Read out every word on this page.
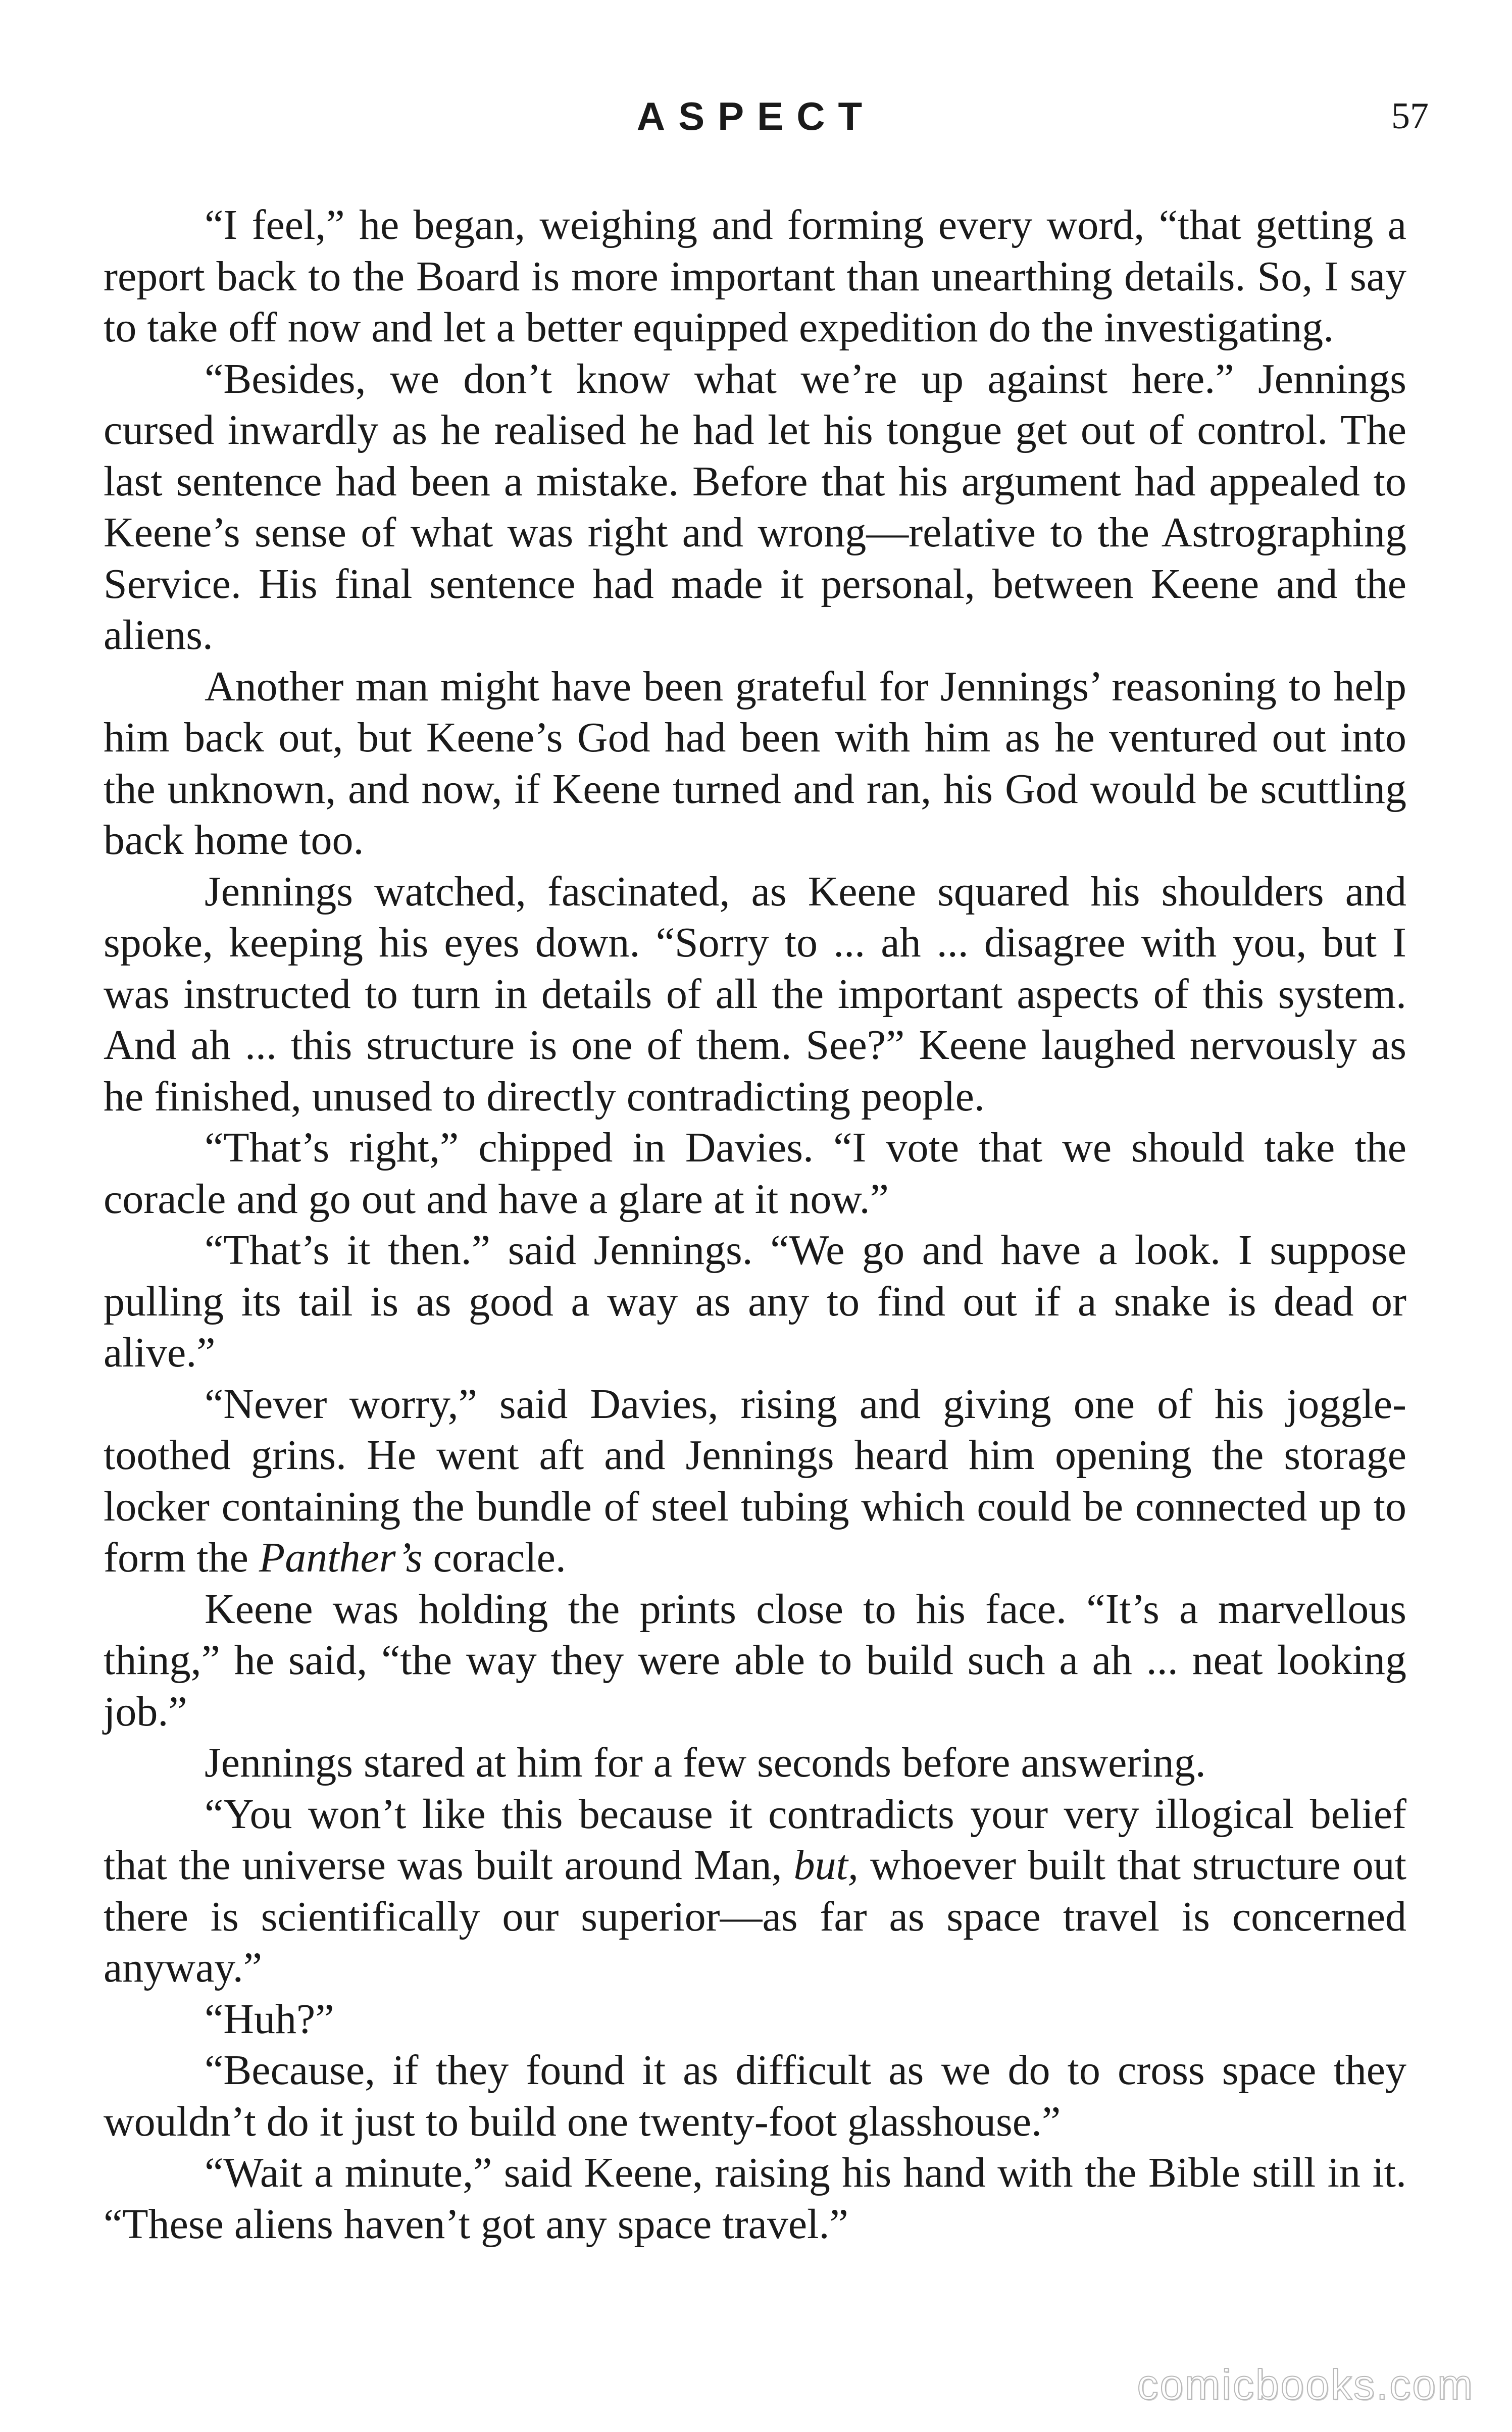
ASPECT	57

“I feel,” he began, weighing and forming every word, “that getting a report back to the Board is more important than unearthing details. So, I say to take off now and let a better equipped expedition do the investigating.

“Besides, we don’t know what we’re up against here.” Jennings cursed inwardly as he realised he had let his tongue get out of control. The last sentence had been a mistake. Before that his argument had appealed to Keene’s sense of what was right and wrong—relative to the Astrographing Service. His final sentence had made it personal, between Keene and the aliens.

Another man might have been grateful for Jennings’ reasoning to help him back out, but Keene’s God had been with him as he ventured out into the unknown, and now, if Keene turned and ran, his God would be scuttling back home too.

Jennings watched, fascinated, as Keene squared his shoulders and spoke, keeping his eyes down. “Sorry to ... ah ... disagree with you, but I was instructed to turn in details of all the important aspects of this system. And ah ... this structure is one of them. See?” Keene laughed nervously as he finished, unused to directly contradicting people.

“That’s right,” chipped in Davies. “I vote that we should take the coracle and go out and have a glare at it now.”

“That’s it then.” said Jennings. “We go and have a look. I suppose pulling its tail is as good a way as any to find out if a snake is dead or alive.”

“Never worry,” said Davies, rising and giving one of his joggle-toothed grins. He went aft and Jennings heard him opening the storage locker containing the bundle of steel tubing which could be connected up to form the Panther’s coracle.

Keene was holding the prints close to his face. “It’s a marvellous thing,” he said, “the way they were able to build such a ah ... neat looking job.”

Jennings stared at him for a few seconds before answering.

“You won’t like this because it contradicts your very illogical belief that the universe was built around Man, but, whoever built that structure out there is scientifically our superior—as far as space travel is concerned anyway.”

“Huh?”

“Because, if they found it as difficult as we do to cross space they wouldn’t do it just to build one twenty-foot glasshouse.”

“Wait a minute,” said Keene, raising his hand with the Bible still in it. “These aliens haven’t got any space travel.”

comicbooks.com
